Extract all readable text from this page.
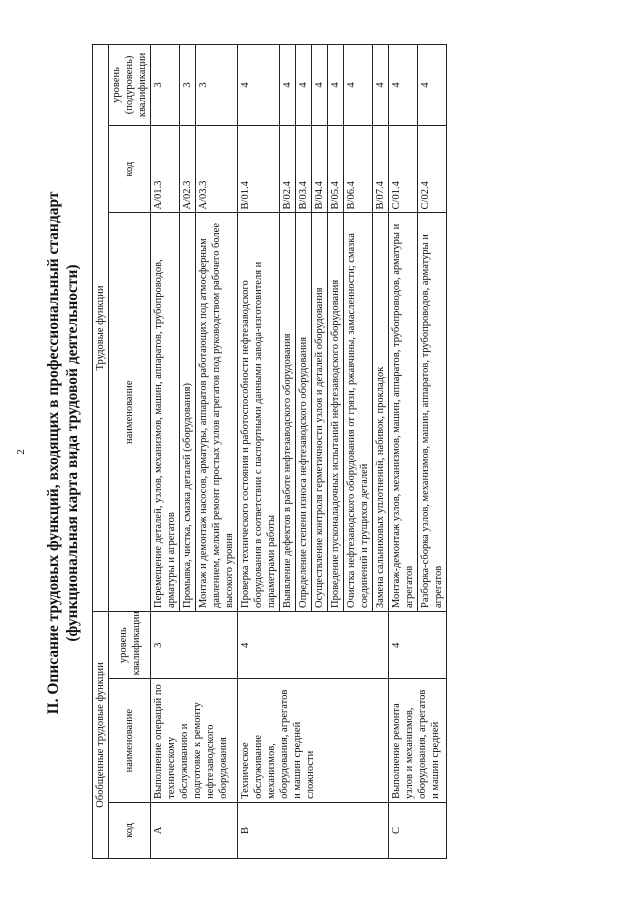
2 II. Описание трудовых функций, входящих в профессиональный стандарт (функциональная карта вида трудовой деятельности)
Обобщенные трудовые функции			Трудовые функции		
код	наименование	уровень квалификации	наименование	код	уровень (подуровень) квалификации
A	Выполнение операций по техническому обслуживанию и подготовке к ремонту нефтезаводского оборудования	3	Перемещение деталей, узлов, механизмов, машин, аппаратов, трубопроводов, арматуры и агрегатов	A/01.3	3
			Промывка, чистка, смазка деталей (оборудования)	A/02.3	3
			Монтаж и демонтаж насосов, арматуры, аппаратов работающих под атмосферным давлением, мелкий ремонт простых узлов агрегатов под руководством рабочего более высокого уровня	A/03.3	3
B	Техническое обслуживание механизмов, оборудования, агрегатов и машин средней сложности	4	Проверка технического состояния и работоспособности нефтезаводского оборудования в соответствии с паспортными данными завода-изготовителя и параметрами работы	B/01.4	4
			Выявление дефектов в работе нефтезаводского оборудования	B/02.4	4
			Определение степени износа нефтезаводского оборудования	B/03.4	4
			Осуществление контроля герметичности узлов и деталей оборудования	B/04.4	4
			Проведение пусконаладочных испытаний нефтезаводского оборудования	B/05.4	4
			Очистка нефтезаводского оборудования от грязи, ржавчины, замасленности; смазка соединений и трущихся деталей	B/06.4	4
			Замена сальниковых уплотнений, набивок, прокладок	B/07.4	4
C	Выполнение ремонта узлов и механизмов, оборудования, агрегатов и машин средней	4	Монтаж-демонтаж узлов, механизмов, машин, аппаратов, трубопроводов, арматуры и агрегатов	C/01.4	4
			Разборка-сборка узлов, механизмов, машин, аппаратов, трубопроводов, арматуры и агрегатов	C/02.4	4
